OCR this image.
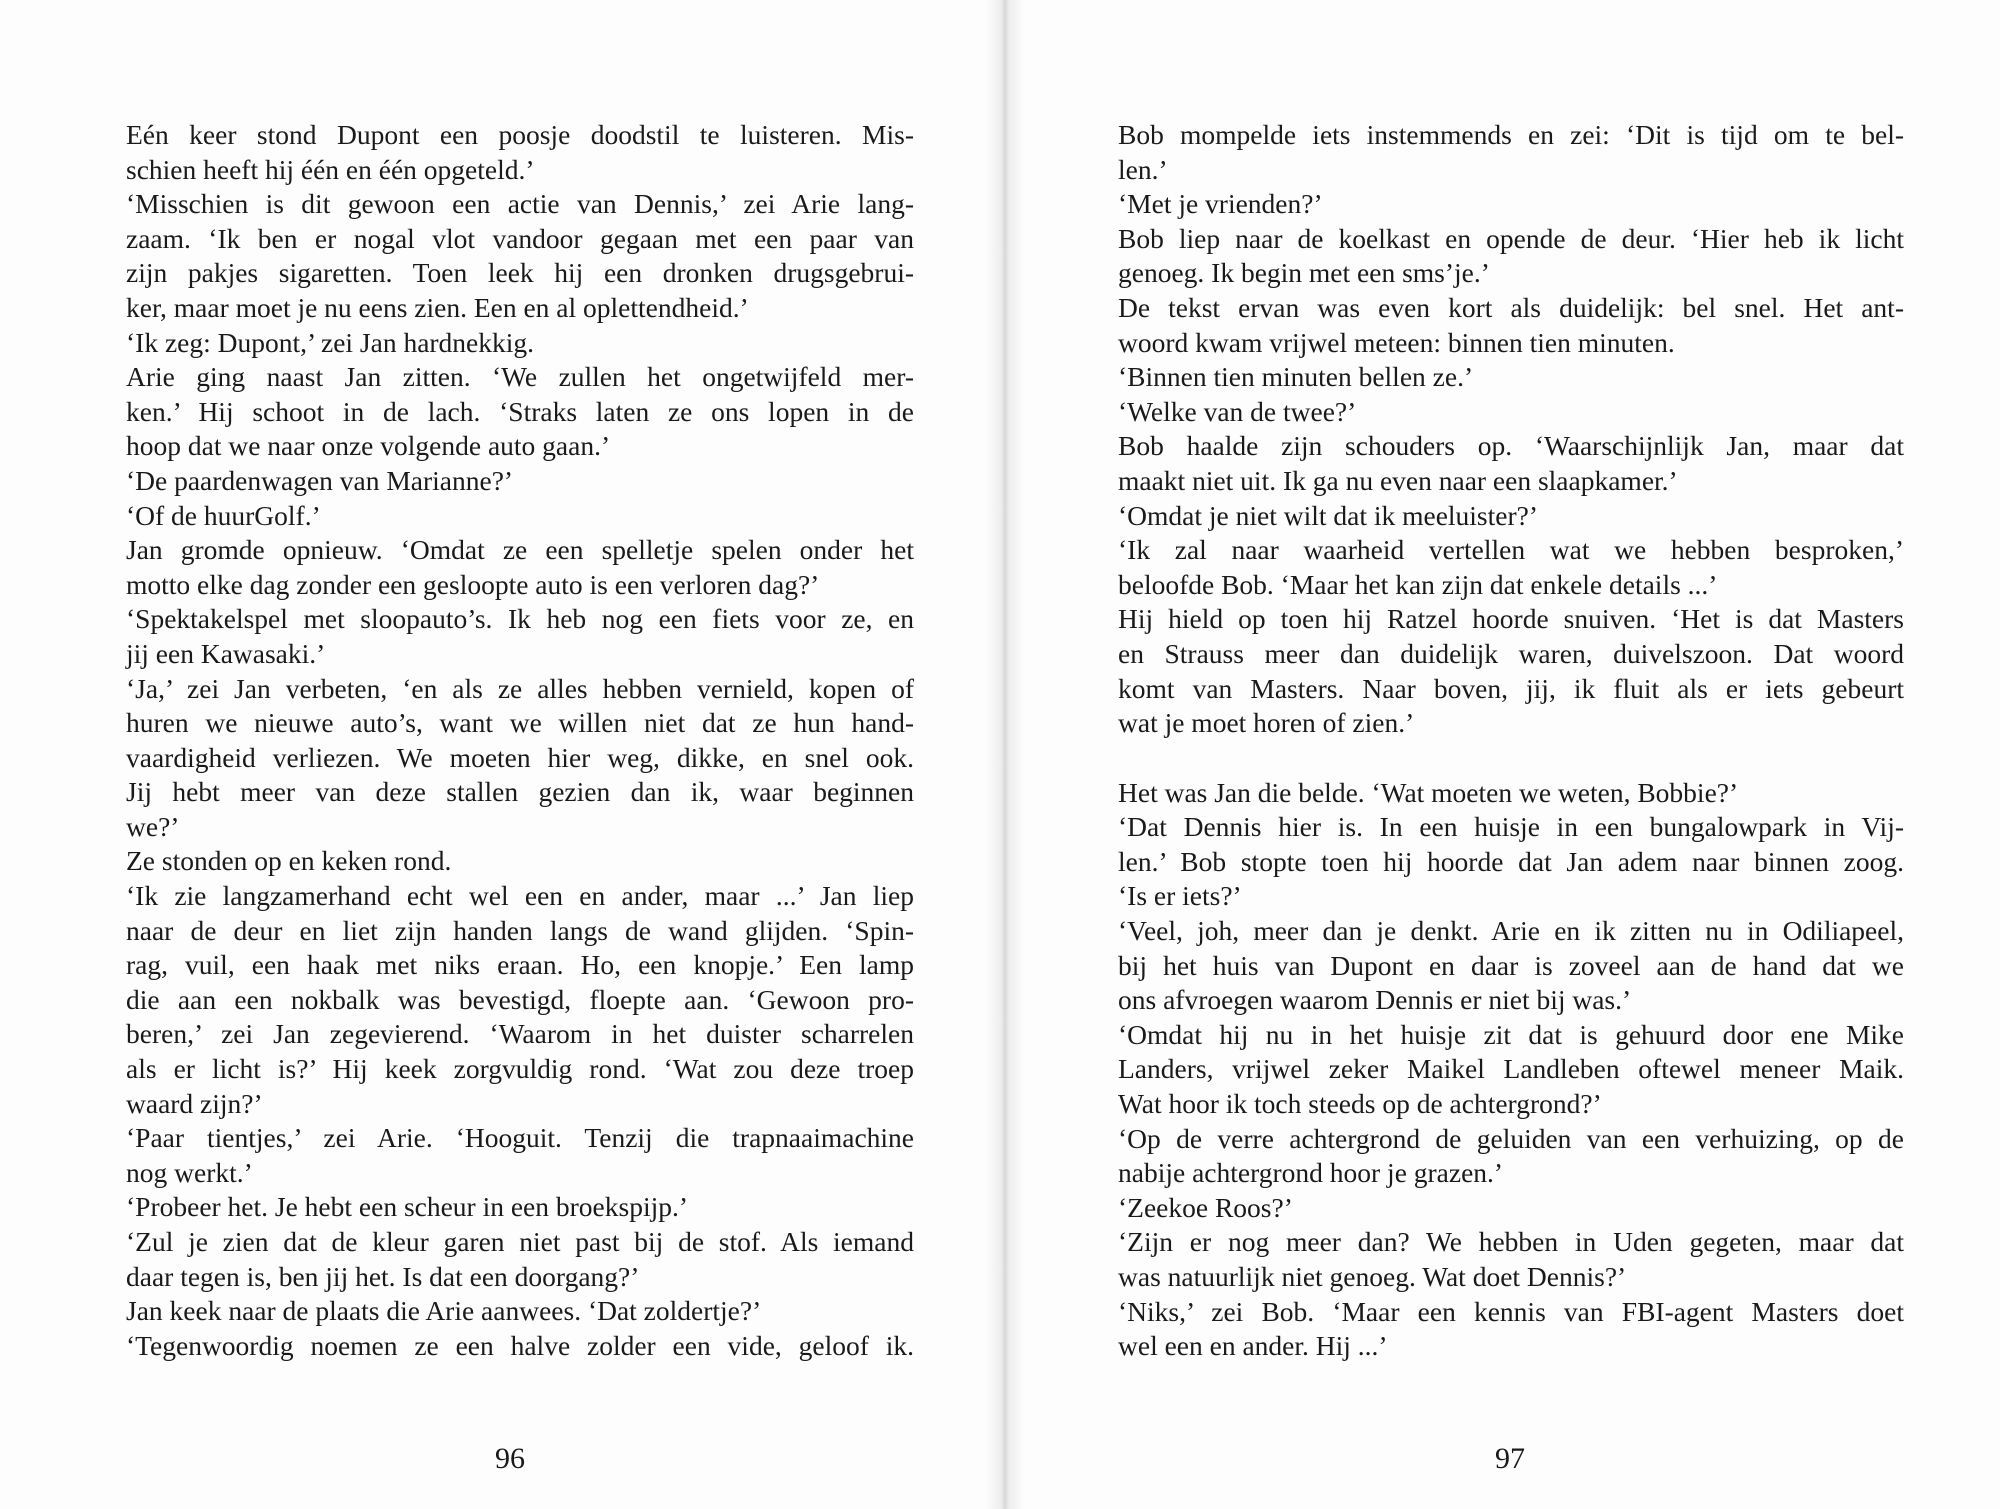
Eén keer stond Dupont een poosje doodstil te luisteren. Mis-
schien heeft hij één en één opgeteld.’
‘Misschien is dit gewoon een actie van Dennis,’ zei Arie lang-
zaam. ‘Ik ben er nogal vlot vandoor gegaan met een paar van
zijn pakjes sigaretten. Toen leek hij een dronken drugsgebrui-
ker, maar moet je nu eens zien. Een en al oplettendheid.’
‘Ik zeg: Dupont,’ zei Jan hardnekkig.
Arie ging naast Jan zitten. ‘We zullen het ongetwijfeld mer-
ken.’ Hij schoot in de lach. ‘Straks laten ze ons lopen in de
hoop dat we naar onze volgende auto gaan.’
‘De paardenwagen van Marianne?’
‘Of de huurGolf.’
Jan gromde opnieuw. ‘Omdat ze een spelletje spelen onder het
motto elke dag zonder een gesloopte auto is een verloren dag?’
‘Spektakelspel met sloopauto’s. Ik heb nog een fiets voor ze, en
jij een Kawasaki.’
‘Ja,’ zei Jan verbeten, ‘en als ze alles hebben vernield, kopen of
huren we nieuwe auto’s, want we willen niet dat ze hun hand-
vaardigheid verliezen. We moeten hier weg, dikke, en snel ook.
Jij hebt meer van deze stallen gezien dan ik, waar beginnen
we?’
Ze stonden op en keken rond.
‘Ik zie langzamerhand echt wel een en ander, maar ...’ Jan liep
naar de deur en liet zijn handen langs de wand glijden. ‘Spin-
rag, vuil, een haak met niks eraan. Ho, een knopje.’ Een lamp
die aan een nokbalk was bevestigd, floepte aan. ‘Gewoon pro-
beren,’ zei Jan zegevierend. ‘Waarom in het duister scharrelen
als er licht is?’ Hij keek zorgvuldig rond. ‘Wat zou deze troep
waard zijn?’
‘Paar tientjes,’ zei Arie. ‘Hooguit. Tenzij die trapnaaimachine
nog werkt.’
‘Probeer het. Je hebt een scheur in een broekspijp.’
‘Zul je zien dat de kleur garen niet past bij de stof. Als iemand
daar tegen is, ben jij het. Is dat een doorgang?’
Jan keek naar de plaats die Arie aanwees. ‘Dat zoldertje?’
‘Tegenwoordig noemen ze een halve zolder een vide, geloof ik.
96
Bob mompelde iets instemmends en zei: ‘Dit is tijd om te bel-
len.’
‘Met je vrienden?’
Bob liep naar de koelkast en opende de deur. ‘Hier heb ik licht
genoeg. Ik begin met een sms’je.’
De tekst ervan was even kort als duidelijk: bel snel. Het ant-
woord kwam vrijwel meteen: binnen tien minuten.
‘Binnen tien minuten bellen ze.’
‘Welke van de twee?’
Bob haalde zijn schouders op. ‘Waarschijnlijk Jan, maar dat
maakt niet uit. Ik ga nu even naar een slaapkamer.’
‘Omdat je niet wilt dat ik meeluister?’
‘Ik zal naar waarheid vertellen wat we hebben besproken,’
beloofde Bob. ‘Maar het kan zijn dat enkele details ...’
Hij hield op toen hij Ratzel hoorde snuiven. ‘Het is dat Masters
en Strauss meer dan duidelijk waren, duivelszoon. Dat woord
komt van Masters. Naar boven, jij, ik fluit als er iets gebeurt
wat je moet horen of zien.’
Het was Jan die belde. ‘Wat moeten we weten, Bobbie?’
‘Dat Dennis hier is. In een huisje in een bungalowpark in Vij-
len.’ Bob stopte toen hij hoorde dat Jan adem naar binnen zoog.
‘Is er iets?’
‘Veel, joh, meer dan je denkt. Arie en ik zitten nu in Odiliapeel,
bij het huis van Dupont en daar is zoveel aan de hand dat we
ons afvroegen waarom Dennis er niet bij was.’
‘Omdat hij nu in het huisje zit dat is gehuurd door ene Mike
Landers, vrijwel zeker Maikel Landleben oftewel meneer Maik.
Wat hoor ik toch steeds op de achtergrond?’
‘Op de verre achtergrond de geluiden van een verhuizing, op de
nabije achtergrond hoor je grazen.’
‘Zeekoe Roos?’
‘Zijn er nog meer dan? We hebben in Uden gegeten, maar dat
was natuurlijk niet genoeg. Wat doet Dennis?’
‘Niks,’ zei Bob. ‘Maar een kennis van FBI-agent Masters doet
wel een en ander. Hij ...’
97
